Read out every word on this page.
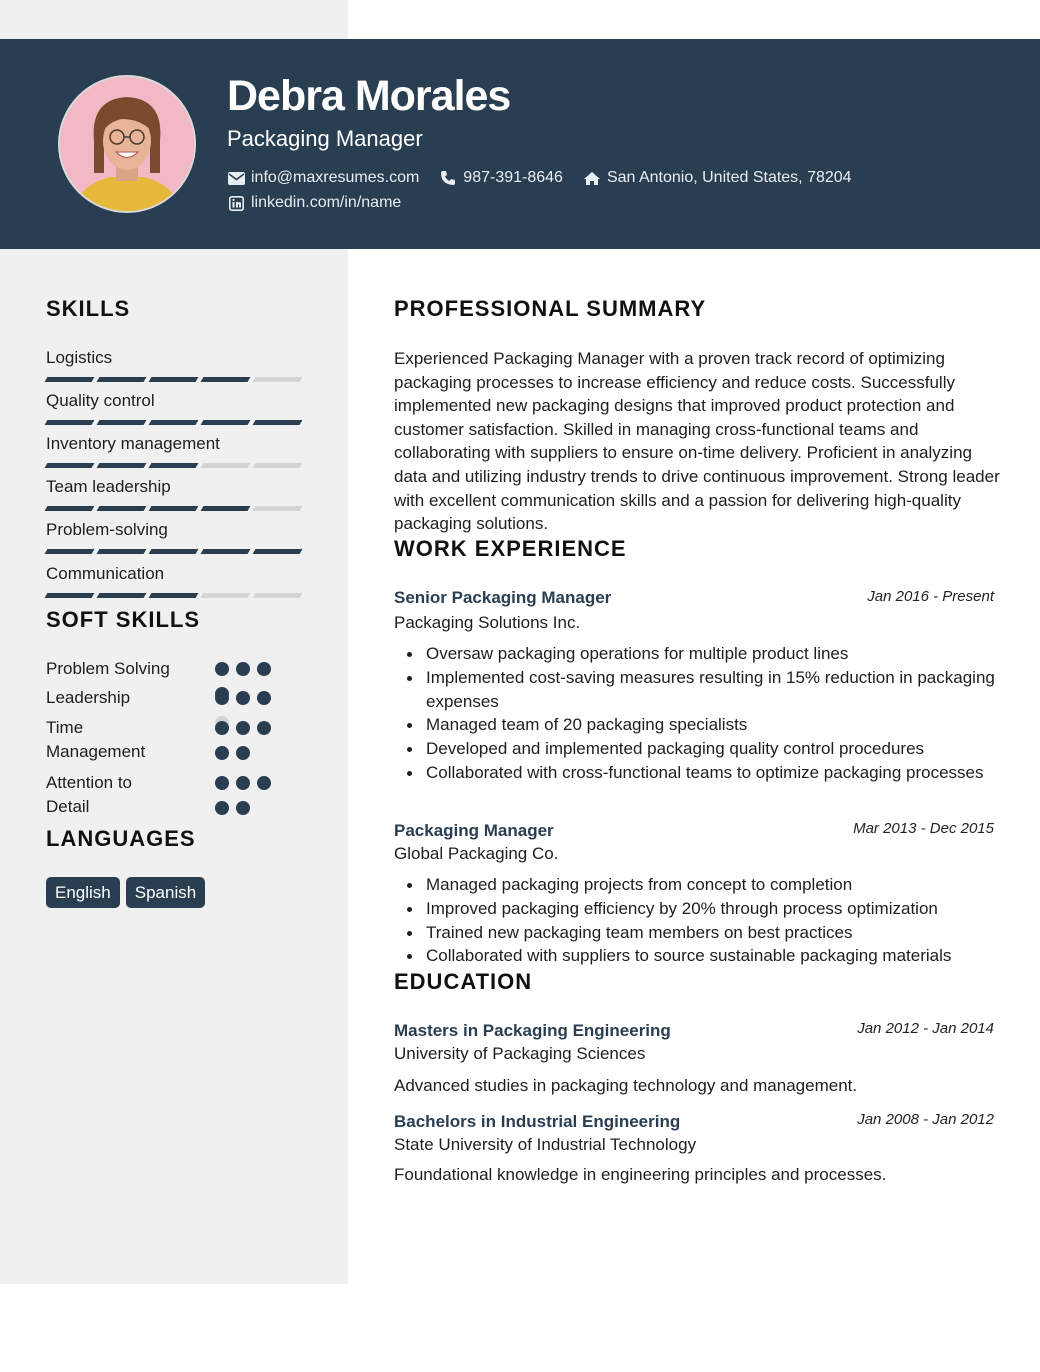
Debra Morales
Packaging Manager
info@maxresumes.com	987-391-8646	San Antonio, United States, 78204
linkedin.com/in/name
SKILLS
Logistics
Quality control
Inventory management
Team leadership
Problem-solving
Communication
SOFT SKILLS
Problem Solving
Leadership
Time Management
Attention to Detail
LANGUAGES
English	Spanish
PROFESSIONAL SUMMARY

Experienced Packaging Manager with a proven track record of optimizing packaging processes to increase efficiency and reduce costs. Successfully implemented new packaging designs that improved product protection and customer satisfaction. Skilled in managing cross-functional teams and collaborating with suppliers to ensure on-time delivery. Proficient in analyzing data and utilizing industry trends to drive continuous improvement. Strong leader with excellent communication skills and a passion for delivering high-quality packaging solutions.

WORK EXPERIENCE
Senior Packaging Manager	Jan 2016 - Present
Packaging Solutions Inc.
Oversaw packaging operations for multiple product lines
Implemented cost-saving measures resulting in 15% reduction in packaging expenses
Managed team of 20 packaging specialists
Developed and implemented packaging quality control procedures
Collaborated with cross-functional teams to optimize packaging processes
Packaging Manager	Mar 2013 - Dec 2015
Global Packaging Co.
Managed packaging projects from concept to completion
Improved packaging efficiency by 20% through process optimization
Trained new packaging team members on best practices
Collaborated with suppliers to source sustainable packaging materials
EDUCATION
Masters in Packaging Engineering	Jan 2012 - Jan 2014
University of Packaging Sciences
Advanced studies in packaging technology and management.
Bachelors in Industrial Engineering	Jan 2008 - Jan 2012
State University of Industrial Technology
Foundational knowledge in engineering principles and processes.
